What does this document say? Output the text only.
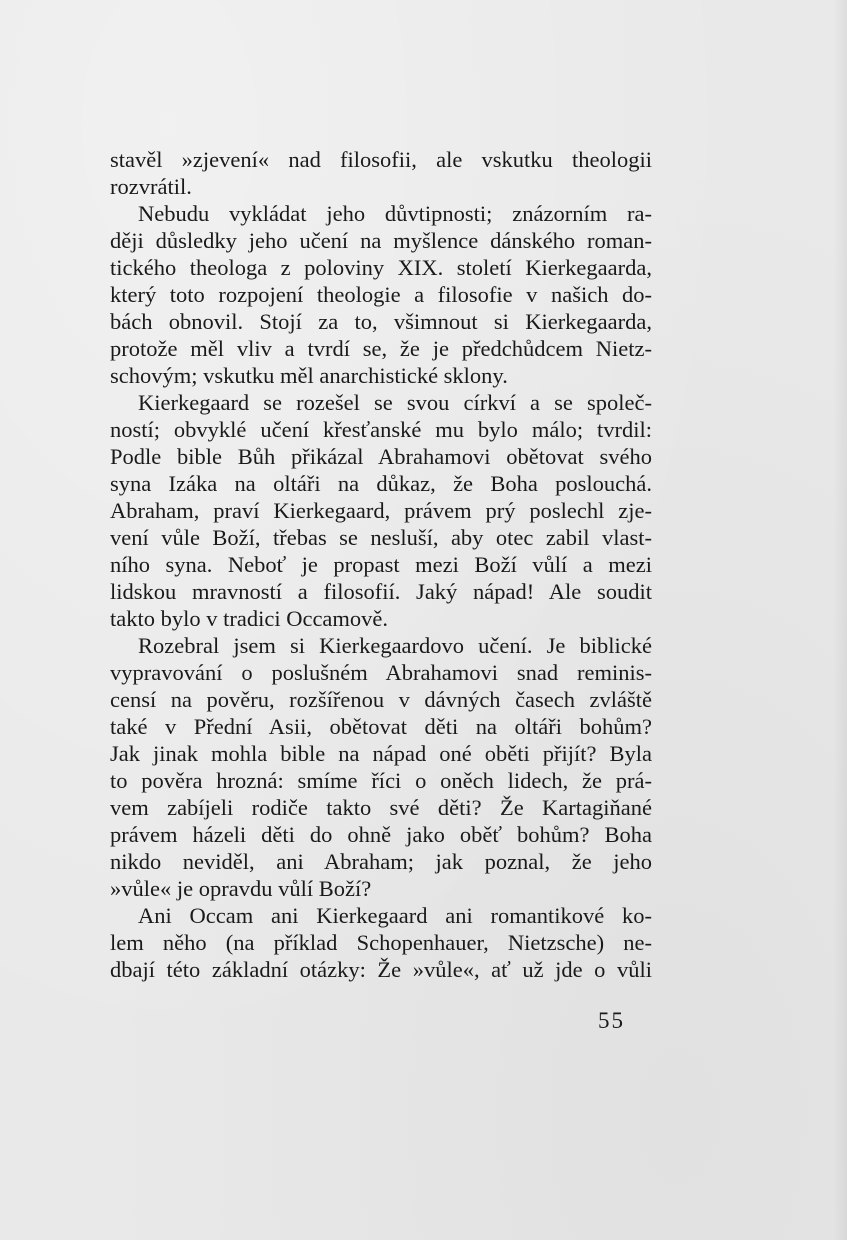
stavěl »zjevení« nad filosofii, ale vskutku theologii
rozvrátil.
Nebudu vykládat jeho důvtipnosti; znázorním ra-
ději důsledky jeho učení na myšlence dánského roman-
tického theologa z poloviny XIX. století Kierkegaarda,
který toto rozpojení theologie a filosofie v našich do-
bách obnovil. Stojí za to, všimnout si Kierkegaarda,
protože měl vliv a tvrdí se, že je předchůdcem Nietz-
schovým; vskutku měl anarchistické sklony.
Kierkegaard se rozešel se svou církví a se společ-
ností; obvyklé učení křesťanské mu bylo málo; tvrdil:
Podle bible Bůh přikázal Abrahamovi obětovat svého
syna Izáka na oltáři na důkaz, že Boha poslouchá.
Abraham, praví Kierkegaard, právem prý poslechl zje-
vení vůle Boží, třebas se nesluší, aby otec zabil vlast-
ního syna. Neboť je propast mezi Boží vůlí a mezi
lidskou mravností a filosofií. Jaký nápad! Ale soudit
takto bylo v tradici Occamově.
Rozebral jsem si Kierkegaardovo učení. Je biblické
vypravování o poslušném Abrahamovi snad reminis-
censí na pověru, rozšířenou v dávných časech zvláště
také v Přední Asii, obětovat děti na oltáři bohům?
Jak jinak mohla bible na nápad oné oběti přijít? Byla
to pověra hrozná: smíme říci o oněch lidech, že prá-
vem zabíjeli rodiče takto své děti? Že Kartagiňané
právem házeli děti do ohně jako oběť bohům? Boha
nikdo neviděl, ani Abraham; jak poznal, že jeho
»vůle« je opravdu vůlí Boží?
Ani Occam ani Kierkegaard ani romantikové ko-
lem něho (na příklad Schopenhauer, Nietzsche) ne-
dbají této základní otázky: Že »vůle«, ať už jde o vůli
55
